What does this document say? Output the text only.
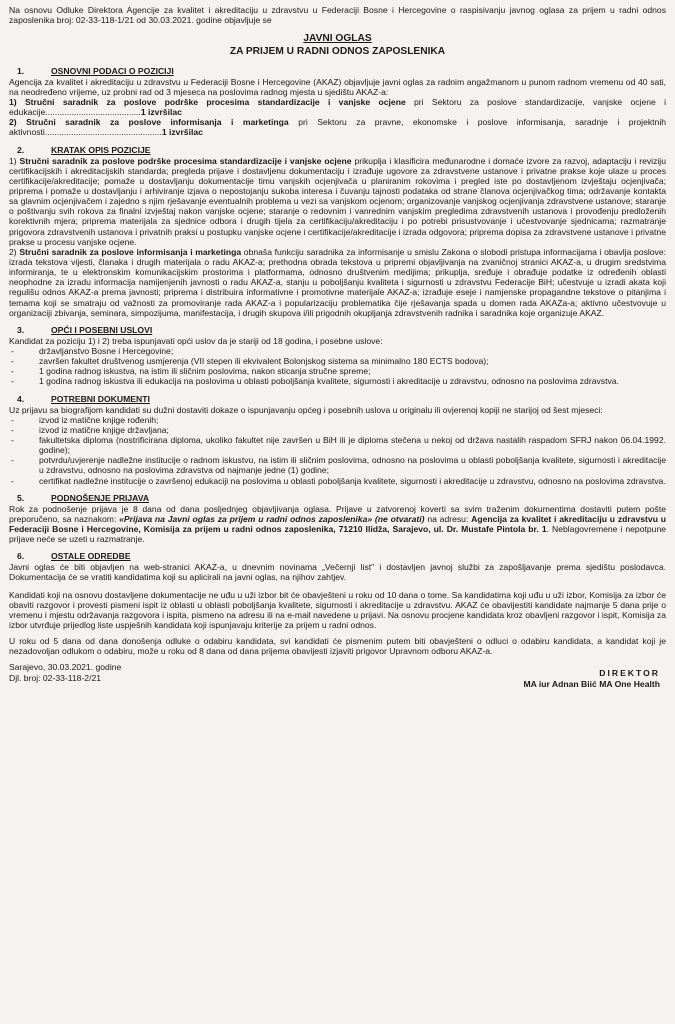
Na osnovu Odluke Direktora Agencije za kvalitet i akreditaciju u zdravstvu u Federaciji Bosne i Hercegovine o raspisivanju javnog oglasa za prijem u radni odnos zaposlenika broj: 02-33-118-1/21 od 30.03.2021. godine objavljuje se

JAVNI OGLAS
ZA PRIJEM U RADNI ODNOS ZAPOSLENIKA
1.	OSNOVNI PODACI O POZICIJI

Agencija za kvalitet i akreditaciju u zdravstvu u Federaciji Bosne i Hercegovine (AKAZ) objavljuje javni oglas za radnim angažmanom u punom radnom vremenu od 40 sati, na neodređeno vrijeme, uz probni rad od 3 mjeseca na poslovima radnog mjesta u sjedištu AKAZ-a:

1) Stručni saradnik za poslove podrške procesima standardizacije i vanjske ocjene pri Sektoru za poslove standardizacije, vanjske ocjene i edukacije........................................1 izvršilac

2) Stručni saradnik za poslove informisanja i marketinga pri Sektoru za pravne, ekonomske i poslove informisanja, saradnje i projektnih aktivnosti.................................................1 izvršilac

2.	KRATAK OPIS POZICIJE

1) Stručni saradnik za poslove podrške procesima standardizacije i vanjske ocjene prikuplja i klasificira međunarodne i domaće izvore za razvoj, adaptaciju i reviziju certifikacijskih i akreditacijskih standarda; pregleda prijave i dostavljenu dokumentaciju i izrađuje ugovore za zdravstvene ustanove i privatne prakse koje ulaze u proces certifikacije/akreditacije; pomaže u dostavljanju dokumentacije timu vanjskih ocjenjivača u planiranim rokovima i pregled iste po dostavljenom izvještaju ocjenjivača; priprema i pomaže u dostavljanju i arhiviranje izjava o nepostojanju sukoba interesa i čuvanju tajnosti podataka od strane članova ocjenjivačkog tima; održavanje kontakta sa glavnim ocjenjivačem i zajedno s njim rješavanje eventualnih problema u vezi sa vanjskom ocjenom; organizovanje vanjskog ocjenjivanja zdravstvene ustanove; staranje o poštivanju svih rokova za finalni izvještaj nakon vanjske ocjene; staranje o redovnim i vanrednim vanjskim pregledima zdravstvenih ustanova i provođenju predloženih korektivnih mjera; priprema materijala za sjednice odbora i drugih tijela za certifikaciju/akreditaciju i po potrebi prisustvovanje i učestvovanje sjednicama; razmatranje prigovora zdravstvenih ustanova i privatnih praksi u postupku vanjske ocjene i certifikacije/akreditacije i izrada odgovora; priprema dopisa za zdravstvene ustanove i privatne prakse u procesu vanjske ocjene.

2) Stručni saradnik za poslove informisanja i marketinga obnaša funkciju saradnika za informisanje u smislu Zakona o slobodi pristupa informacijama i obavlja poslove: izrada tekstova vijesti, članaka i drugih materijala o radu AKAZ-a; prethodna obrada tekstova u pripremi objavljivanja na zvaničnoj stranici AKAZ-a, u drugim sredstvima informiranja, te u elektronskim komunikacijskim prostorima i platformama, odnosno društvenim medijima; prikuplja, sređuje i obrađuje podatke iz određenih oblasti neophodne za izradu informacija namijenjenih javnosti o radu AKAZ-a, stanju u poboljšanju kvaliteta i sigurnosti u zdravstvu Federacije BiH; učestvuje u izradi akata koji regulišu odnos AKAZ-a prema javnosti; priprema i distribuira informativne i promotivne materijale AKAZ-a; izrađuje eseje i namjenske propagandne tekstove o pitanjima i temama koji se smatraju od važnosti za promoviranje rada AKAZ-a i popularizaciju problematika čije rješavanja spada u domen rada AKAZa-a; aktivno učestvovuje u organizaciji zbivanja, seminara, simpozijuma, manifestacija, i drugih skupova i/ili prigodnih okupljanja zdravstvenih radnika i saradnika koje organizuje AKAZ.

3.	OPĆI I POSEBNI USLOVI

Kandidat za poziciju 1) i 2) treba ispunjavati opći uslov da je stariji od 18 godina, i posebne uslove:

-	državljanstvo Bosne i Hercegovine;
-	završen fakultet društvenog usmjerenja (VII stepen ili ekvivalent Bolonjskog sistema sa minimalno 180 ECTS bodova);
-	1 godina radnog iskustva, na istim ili sličnim poslovima, nakon sticanja stručne spreme;
-	1 godina radnog iskustva ili edukacija na poslovima u oblasti poboljšanja kvalitete, sigurnosti i akreditacije u zdravstvu, odnosno na poslovima zdravstva.
4.	POTREBNI DOKUMENTI

Uz prijavu sa biografijom kandidati su dužni dostaviti dokaze o ispunjavanju općeg i posebnih uslova u originalu ili ovjerenoj kopiji ne starijoj od šest mjeseci:

-	izvod iz matične knjige rođenih;
-	izvod iz matične knjige državljana;
-	fakultetska diploma (nostrificirana diploma, ukoliko fakultet nije završen u BiH ili je diploma stečena u nekoj od država nastalih raspadom SFRJ nakon 06.04.1992. godine);
-	potvrdu/uvjerenje nadležne institucije o radnom iskustvu, na istim ili sličnim poslovima, odnosno na poslovima u oblasti poboljšanja kvalitete, sigurnosti i akreditacije u zdravstvu, odnosno na poslovima zdravstva od najmanje jedne (1) godine;
-	certifikat nadležne institucije o završenoj edukaciji na poslovima u oblasti poboljšanja kvalitete, sigurnosti i akreditacije u zdravstvu, odnosno na poslovima zdravstva.
5.	PODNOŠENJE PRIJAVA

Rok za podnošenje prijava je 8 dana od dana posljednjeg objavljivanja oglasa. Prijave u zatvorenoj koverti sa svim traženim dokumentima dostaviti putem pošte preporučeno, sa naznakom: «Prijava na Javni oglas za prijem u radni odnos zaposlenika» (ne otvarati) na adresu: Agencija za kvalitet i akreditaciju u zdravstvu u Federaciji Bosne i Hercegovine, Komisija za prijem u radni odnos zaposlenika, 71210 Ilidža, Sarajevo, ul. Dr. Mustafe Pintola br. 1. Neblagovremene i nepotpune prijave neće se uzeti u razmatranje.

6.	OSTALE ODREDBE

Javni oglas će biti objavljen na web-stranici AKAZ-a, u dnevnim novinama „Večernji list" i dostavljen javnoj službi za zapošljavanje prema sjedištu poslodavca. Dokumentacija će se vratiti kandidatima koji su aplicirali na javni oglas, na njihov zahtjev.

Kandidati koji na osnovu dostavljene dokumentacije ne uđu u uži izbor bit će obavješteni u roku od 10 dana o tome. Sa kandidatima koji uđu u uži izbor, Komisija za izbor će obaviti razgovor i provesti pismeni ispit iz oblasti u oblasti poboljšanja kvalitete, sigurnosti i akreditacije u zdravstvu. AKAZ će obavijestiti kandidate najmanje 5 dana prije o vremenu i mjestu održavanja razgovora i ispita, pismeno na adresu ili na e-mail navedene u prijavi. Na osnovu procjene kandidata kroz obavljeni razgovor i ispit, Komisija za izbor utvrđuje prijedlog liste uspješnih kandidata koji ispunjavaju kriterije za prijem u radni odnos.

U roku od 5 dana od dana donošenja odluke o odabiru kandidata, svi kandidati će pismenim putem biti obavješteni o odluci o odabiru kandidata, a kandidat koji je nezadovoljan odlukom o odabiru, može u roku od 8 dana od dana prijema obavijesti izjaviti prigovor Upravnom odboru AKAZ-a.

Sarajevo, 30.03.2021. godine
Djl. broj: 02-33-118-2/21	DIREKTOR
MA iur Adnan Biić MA One Health
